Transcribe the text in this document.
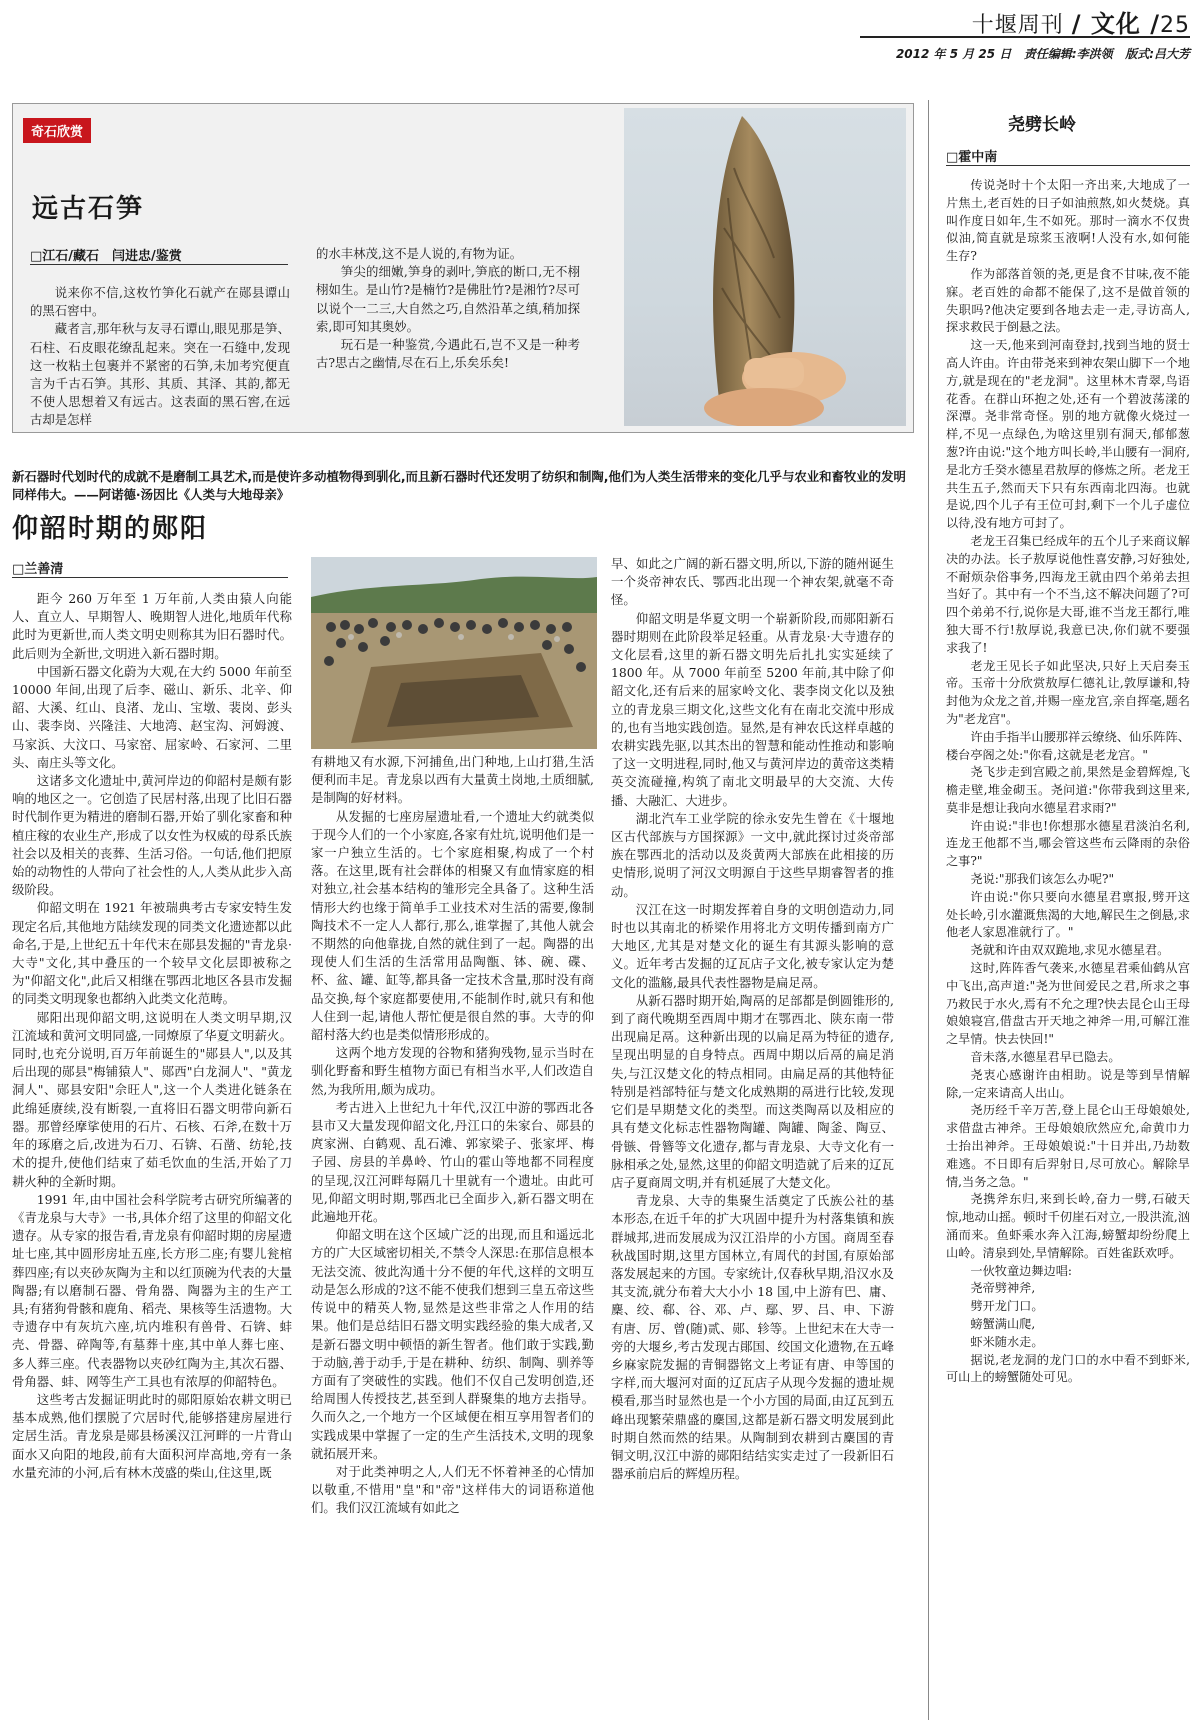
十堰周刊 / 文化 /25
2012 年 5 月 25 日 责任编辑:李洪领 版式:吕大芳
奇石欣赏
远古石笋
□江石/藏石　闫进忠/鉴赏

说来你不信,这枚竹笋化石就产在郧县谭山的黑石窖中。

藏者言,那年秋与友寻石谭山,眼见那是笋、石柱、石皮眼花缭乱起来。突在一石缝中,发现这一枚粘土包裹并不紧密的石笋,未加考究便直言为千古石笋。其形、其质、其泽、其韵,都无不使人思想着又有远古。这表面的黑石窖,在远古却是怎样

的水丰林茂,这不是人说的,有物为证。

笋尖的细嫩,笋身的剥叶,笋底的断口,无不栩栩如生。是山竹?是楠竹?是佛肚竹?是湘竹?尽可以说个一二三,大自然之巧,自然沿革之缜,稍加探索,即可知其奥妙。

玩石是一种鉴赏,今遇此石,岂不又是一种考古?思古之幽情,尽在石上,乐矣乐矣!

新石器时代划时代的成就不是磨制工具艺术,而是使许多动植物得到驯化,而且新石器时代还发明了纺织和制陶,他们为人类生活带来的变化几乎与农业和畜牧业的发明同样伟大。——阿诺德·汤因比《人类与大地母亲》
仰韶时期的郧阳
□兰善清

距今 260 万年至 1 万年前,人类由猿人向能人、直立人、早期智人、晚期智人进化,地质年代称此时为更新世,而人类文明史则称其为旧石器时代。此后则为全新世,文明进入新石器时期。

中国新石器文化蔚为大观,在大约 5000 年前至 10000 年间,出现了后李、磁山、新乐、北辛、仰韶、大溪、红山、良渚、龙山、宝墩、裴岗、彭头山、裴李岗、兴隆洼、大地湾、赵宝沟、河姆渡、马家浜、大汶口、马家窑、屈家岭、石家河、二里头、南庄头等文化。

这诸多文化遗址中,黄河岸边的仰韶村是颇有影响的地区之一。它创造了民居村落,出现了比旧石器时代制作更为精进的磨制石器,开始了驯化家畜和种植庄稼的农业生产,形成了以女性为权威的母系氏族社会以及相关的丧葬、生活习俗。一句话,他们把原始的动物性的人带向了社会性的人,人类从此步入高级阶段。

仰韶文明在 1921 年被瑞典考古专家安特生发现定名后,其他地方陆续发现的同类文化遗迹都以此命名,于是,上世纪五十年代末在郧县发掘的"青龙泉·大寺"文化,其中叠压的一个较早文化层即被称之为"仰韶文化",此后又相继在鄂西北地区各县市发掘的同类文明现象也都纳入此类文化范畴。

郧阳出现仰韶文明,这说明在人类文明早期,汉江流域和黄河文明同盛,一同燎原了华夏文明薪火。同时,也充分说明,百万年前诞生的"郧县人",以及其后出现的郧县"梅铺猿人"、郧西"白龙洞人"、"黄龙洞人"、郧县安阳"佘旺人",这一个人类进化链条在此绵延赓续,没有断裂,一直将旧石器文明带向新石器。那曾经摩挲使用的石片、石核、石斧,在数十万年的琢磨之后,改进为石刀、石锛、石凿、纺轮,技术的提升,使他们结束了茹毛饮血的生活,开始了刀耕火种的全新时期。

1991 年,由中国社会科学院考古研究所编著的《青龙泉与大寺》一书,具体介绍了这里的仰韶文化遗存。从专家的报告看,青龙泉有仰韶时期的房屋遗址七座,其中圆形房址五座,长方形二座;有婴儿瓮棺葬四座;有以夹砂灰陶为主和以红顶碗为代表的大量陶器;有以磨制石器、骨角器、陶器为主的生产工具;有猪狗骨骸和鹿角、稻壳、果核等生活遗物。大寺遗存中有灰坑六座,坑内堆积有兽骨、石锛、蚌壳、骨器、碎陶等,有墓葬十座,其中单人葬七座、多人葬三座。代表器物以夹砂红陶为主,其次石器、骨角器、蚌、网等生产工具也有浓厚的仰韶特色。

这些考古发掘证明此时的郧阳原始农耕文明已基本成熟,他们摆脱了穴居时代,能够搭建房屋进行定居生活。青龙泉是郧县杨溪汉江河畔的一片背山面水又向阳的地段,前有大面积河岸高地,旁有一条水量充沛的小河,后有林木茂盛的柴山,住这里,既

有耕地又有水源,下河捕鱼,出门种地,上山打猎,生活便利而丰足。青龙泉以西有大量黄土岗地,土质细腻,是制陶的好材料。

从发掘的七座房屋遗址看,一个遗址大约就类似于现今人们的一个小家庭,各家有灶坑,说明他们是一家一户独立生活的。七个家庭相聚,构成了一个村落。在这里,既有社会群体的相聚又有血情家庭的相对独立,社会基本结构的雏形完全具备了。这种生活情形大约也缘于简单手工业技术对生活的需要,像制陶技术不一定人人都行,那么,谁掌握了,其他人就会不期然的向他靠拢,自然的就住到了一起。陶器的出现使人们生活的生活常用品陶甑、钵、碗、碟、杯、盆、罐、缸等,都具备一定技术含量,那时没有商品交换,每个家庭都要使用,不能制作时,就只有和他人住到一起,请他人帮忙便是很自然的事。大寺的仰韶村落大约也是类似情形形成的。

这两个地方发现的谷物和猪狗残物,显示当时在驯化野畜和野生植物方面已有相当水平,人们改造自然,为我所用,颇为成功。

考古进入上世纪九十年代,汉江中游的鄂西北各县市又大量发现仰韶文化,丹江口的朱家台、郧县的庹家洲、白鹤观、乱石滩、郭家梁子、张家坪、梅子园、房县的羊鼻岭、竹山的霍山等地都不同程度的呈现,汉江河畔每隔几十里就有一个遗址。由此可见,仰韶文明时期,鄂西北已全面步入,新石器文明在此遍地开花。

仰韶文明在这个区域广泛的出现,而且和遥远北方的广大区域密切相关,不禁令人深思:在那信息根本无法交流、彼此沟通十分不便的年代,这样的文明互动是怎么形成的?这不能不使我们想到三皇五帝这些传说中的精英人物,显然是这些非常之人作用的结果。他们是总结旧石器文明实践经验的集大成者,又是新石器文明中顿悟的新生智者。他们敢于实践,勤于动脑,善于动手,于是在耕种、纺织、制陶、驯养等方面有了突破性的实践。他们不仅自己发明创造,还给周围人传授技艺,甚至到人群聚集的地方去指导。久而久之,一个地方一个区域便在相互享用智者们的实践成果中掌握了一定的生产生活技术,文明的现象就拓展开来。

对于此类神明之人,人们无不怀着神圣的心情加以敬重,不惜用"皇"和"帝"这样伟大的词语称道他们。我们汉江流域有如此之

早、如此之广阔的新石器文明,所以,下游的随州诞生一个炎帝神农氏、鄂西北出现一个神农架,就毫不奇怪。

仰韶文明是华夏文明一个崭新阶段,而郧阳新石器时期则在此阶段举足轻重。从青龙泉·大寺遗存的文化层看,这里的新石器文明先后扎扎实实延续了 1800 年。从 7000 年前至 5200 年前,其中除了仰韶文化,还有后来的屈家岭文化、裴李岗文化以及独立的青龙泉三期文化,这些文化有在南北交流中形成的,也有当地实践创造。显然,是有神农氏这样卓越的农耕实践先驱,以其杰出的智慧和能动性推动和影响了这一文明进程,同时,他又与黄河岸边的黄帝这类精英交流碰撞,构筑了南北文明最早的大交流、大传播、大融汇、大进步。

湖北汽车工业学院的徐永安先生曾在《十堰地区古代部族与方国探源》一文中,就此探讨过炎帝部族在鄂西北的活动以及炎黄两大部族在此相接的历史情形,说明了河汉文明源自于这些早期睿智者的推动。

汉江在这一时期发挥着自身的文明创造动力,同时也以其南北的桥梁作用将北方文明传播到南方广大地区,尤其是对楚文化的诞生有其源头影响的意义。近年考古发掘的辽瓦店子文化,被专家认定为楚文化的滥觞,最具代表性器物是扁足鬲。

从新石器时期开始,陶鬲的足部都是倒圆锥形的,到了商代晚期至西周中期才在鄂西北、陕东南一带出现扁足鬲。这种新出现的以扁足鬲为特征的遗存,呈现出明显的自身特点。西周中期以后鬲的扁足消失,与江汉楚文化的特点相同。由扁足鬲的其他特征特别是裆部特征与楚文化成熟期的鬲进行比较,发现它们是早期楚文化的类型。而这类陶鬲以及相应的具有楚文化标志性器物陶罐、陶罐、陶釜、陶豆、骨镞、骨簪等文化遗存,都与青龙泉、大寺文化有一脉相承之处,显然,这里的仰韶文明造就了后来的辽瓦店子夏商周文明,并有机延展了大楚文化。

青龙泉、大寺的集聚生活奠定了氏族公社的基本形态,在近千年的扩大巩固中提升为村落集镇和族群城邦,进而发展成为汉江沿岸的小方国。商周至春秋战国时期,这里方国林立,有周代的封国,有原始部落发展起来的方国。专家统计,仅春秋早期,沿汉水及其支流,就分布着大大小小 18 国,中上游有巴、庸、麇、绞、郗、谷、邓、卢、鄢、罗、吕、申、下游有唐、厉、曾(随)贰、郧、轸等。上世纪末在大寺一旁的大堰乡,考古发现古鄖国、绞国文化遗物,在五峰乡麻家院发掘的青铜器铭文上考证有唐、申等国的字样,而大堰河对面的辽瓦店子从现今发掘的遗址规模看,那当时显然也是一个小方国的局面,由辽瓦到五峰出现繁荣鼎盛的麇国,这都是新石器文明发展到此时期自然而然的结果。从陶制到农耕到古麇国的青铜文明,汉江中游的郧阳结结实实走过了一段新旧石器承前启后的辉煌历程。

尧劈长岭
□霍中南

传说尧时十个太阳一齐出来,大地成了一片焦土,老百姓的日子如油煎熬,如火焚烧。真叫作度日如年,生不如死。那时一滴水不仅贵似油,简直就是琼浆玉液啊!人没有水,如何能生存?

作为部落首领的尧,更是食不甘味,夜不能寐。老百姓的命都不能保了,这不是做首领的失职吗?他决定要到各地去走一走,寻访高人,探求救民于倒悬之法。

这一天,他来到河南登封,找到当地的贤士高人许由。许由带尧来到神农架山脚下一个地方,就是现在的"老龙洞"。这里林木青翠,鸟语花香。在群山环抱之处,还有一个碧波荡漾的深潭。尧非常奇怪。别的地方就像火烧过一样,不见一点绿色,为啥这里别有洞天,郁郁葱葱?许由说:"这个地方叫长岭,半山腰有一洞府,是北方壬癸水德星君敖厚的修炼之所。老龙王共生五子,然而天下只有东西南北四海。也就是说,四个儿子有王位可封,剩下一个儿子虚位以待,没有地方可封了。

老龙王召集已经成年的五个儿子来商议解决的办法。长子敖厚说他性喜安静,习好独处,不耐烦杂俗事务,四海龙王就由四个弟弟去担当好了。其中有一个不当,这不解决问题了?可四个弟弟不行,说你是大哥,谁不当龙王都行,唯独大哥不行!敖厚说,我意已决,你们就不要强求我了!

老龙王见长子如此坚决,只好上天启奏玉帝。玉帝十分欣赏敖厚仁德礼让,敦厚谦和,特封他为众龙之首,并赐一座龙宫,亲自挥毫,题名为"老龙宫"。

许由手指半山腰那祥云缭绕、仙乐阵阵、楼台亭阁之处:"你看,这就是老龙宫。"

尧飞步走到宫殿之前,果然是金碧辉煌,飞檐走壁,堆金砌玉。尧问道:"你带我到这里来,莫非是想让我向水德星君求雨?"

许由说:"非也!你想那水德星君淡泊名利,连龙王他都不当,哪会管这些布云降雨的杂俗之事?"

尧说:"那我们该怎么办呢?"

许由说:"你只要向水德星君禀报,劈开这处长岭,引水灌溉焦渴的大地,解民生之倒悬,求他老人家恩准就行了。"

尧就和许由双双跪地,求见水德星君。

这时,阵阵香气袭来,水德星君乘仙鹤从宫中飞出,高声道:"尧为世间爱民之君,所求之事乃救民于水火,焉有不允之理?快去昆仑山王母娘娘寝宫,借盘古开天地之神斧一用,可解江淮之旱情。快去快回!"

音未落,水德星君早已隐去。

尧衷心感谢许由相助。说是等到旱情解除,一定来请高人出山。

尧历经千辛万苦,登上昆仑山王母娘娘处,求借盘古神斧。王母娘娘欣然应允,命黄巾力士抬出神斧。王母娘娘说:"十日并出,乃劫数难逃。不日即有后羿射日,尽可放心。解除旱情,当务之急。"

尧携斧东归,来到长岭,奋力一劈,石破天惊,地动山摇。顿时千仞崖石对立,一股洪流,汹涌而来。鱼虾乘水奔入江海,螃蟹却纷纷爬上山岭。清泉到处,旱情解除。百姓雀跃欢呼。

一伙牧童边舞边唱:

尧帝劈神斧,

劈开龙门口。

螃蟹满山爬,

虾米随水走。

据说,老龙洞的龙门口的水中看不到虾米,可山上的螃蟹随处可见。
